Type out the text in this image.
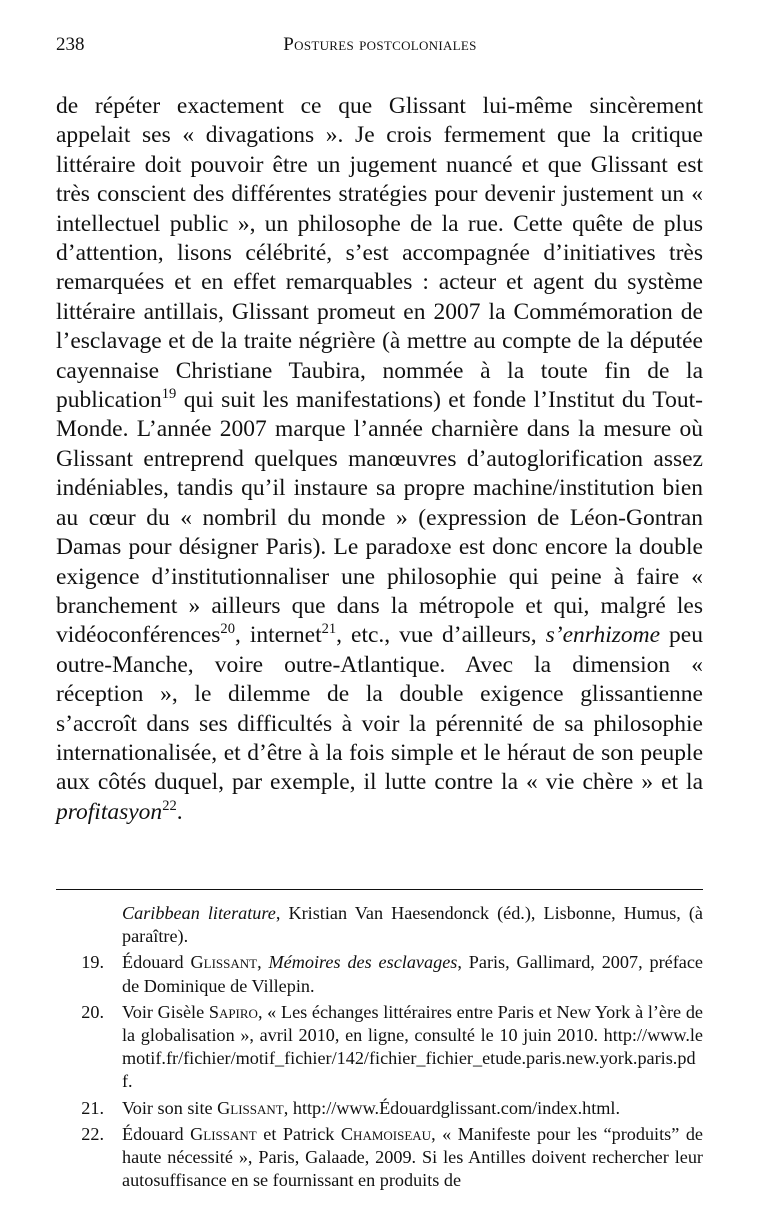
238	Postures postcoloniales

de répéter exactement ce que Glissant lui-même sincèrement appelait ses « divagations ». Je crois fermement que la critique littéraire doit pouvoir être un jugement nuancé et que Glissant est très conscient des différentes stratégies pour devenir justement un « intellectuel public », un philosophe de la rue. Cette quête de plus d’attention, lisons célébrité, s’est accompagnée d’initiatives très remarquées et en effet remarquables : acteur et agent du système littéraire antillais, Glissant promeut en 2007 la Commémoration de l’esclavage et de la traite négrière (à mettre au compte de la députée cayennaise Christiane Taubira, nommée à la toute fin de la publication$^{19}$ qui suit les manifestations) et fonde l’Institut du Tout-Monde. L’année 2007 marque l’année charnière dans la mesure où Glissant entreprend quelques manœuvres d’autoglorification assez indéniables, tandis qu’il instaure sa propre machine/institution bien au cœur du « nombril du monde » (expression de Léon-Gontran Damas pour désigner Paris). Le paradoxe est donc encore la double exigence d’institutionnaliser une philosophie qui peine à faire « branchement » ailleurs que dans la métropole et qui, malgré les vidéoconférences$^{20}$, internet$^{21}$, etc., vue d’ailleurs, s’enrhizome peu outre-Manche, voire outre-Atlantique. Avec la dimension « réception », le dilemme de la double exigence glissantienne s’accroît dans ses difficultés à voir la pérennité de sa philosophie internationalisée, et d’être à la fois simple et le héraut de son peuple aux côtés duquel, par exemple, il lutte contre la « vie chère » et la profitasyon$^{22}$.

Caribbean literature, Kristian Van Haesendonck (éd.), Lisbonne, Humus, (à paraître).
19. Édouard Glissant, Mémoires des esclavages, Paris, Gallimard, 2007, préface de Dominique de Villepin.
20. Voir Gisèle Sapiro, « Les échanges littéraires entre Paris et New York à l’ère de la globalisation », avril 2010, en ligne, consulté le 10 juin 2010. http://www.lemotif.fr/fichier/motif_fichier/142/fichier_fichier_etude.paris.new.york.paris.pdf.
21. Voir son site Glissant, http://www.Édouardglissant.com/index.html.
22. Édouard Glissant et Patrick Chamoiseau, « Manifeste pour les “produits” de haute nécessité », Paris, Galaade, 2009. Si les Antilles doivent rechercher leur autosuffisance en se fournissant en produits de
